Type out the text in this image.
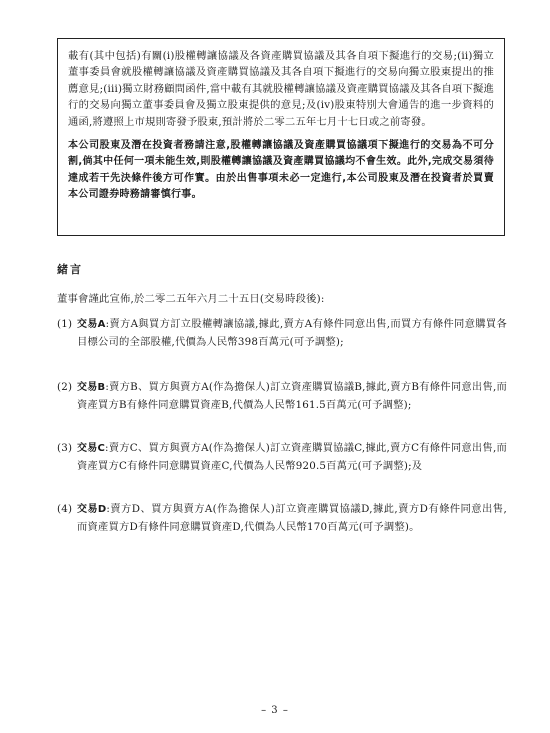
載有(其中包括)有關(i)股權轉讓協議及各資產購買協議及其各自項下擬進行的交易;(ii)獨立董事委員會就股權轉讓協議及資產購買協議及其各自項下擬進行的交易向獨立股東提出的推薦意見;(iii)獨立財務顧問函件,當中載有其就股權轉讓協議及資產購買協議及其各自項下擬進行的交易向獨立董事委員會及獨立股東提供的意見;及(iv)股東特別大會通告的進一步資料的通函,將遵照上市規則寄發予股東,預計將於二零二五年七月十七日或之前寄發。

本公司股東及潛在投資者務請注意,股權轉讓協議及資產購買協議項下擬進行的交易為不可分割,倘其中任何一項未能生效,則股權轉讓協議及資產購買協議均不會生效。此外,完成交易須待達成若干先決條件後方可作實。由於出售事項未必一定進行,本公司股東及潛在投資者於買賣本公司證券時務請審慎行事。

緒言

董事會謹此宣佈,於二零二五年六月二十五日(交易時段後):

(1) 交易A:賣方A與買方訂立股權轉讓協議,據此,賣方A有條件同意出售,而買方有條件同意購買各目標公司的全部股權,代價為人民幣398百萬元(可予調整);
(2) 交易B:賣方B、買方與賣方A(作為擔保人)訂立資產購買協議B,據此,賣方B有條件同意出售,而資產買方B有條件同意購買資產B,代價為人民幣161.5百萬元(可予調整);
(3) 交易C:賣方C、買方與賣方A(作為擔保人)訂立資產購買協議C,據此,賣方C有條件同意出售,而資產買方C有條件同意購買資產C,代價為人民幣920.5百萬元(可予調整);及
(4) 交易D:賣方D、買方與賣方A(作為擔保人)訂立資產購買協議D,據此,賣方D有條件同意出售,而資產買方D有條件同意購買資產D,代價為人民幣170百萬元(可予調整)。
– 3 –
